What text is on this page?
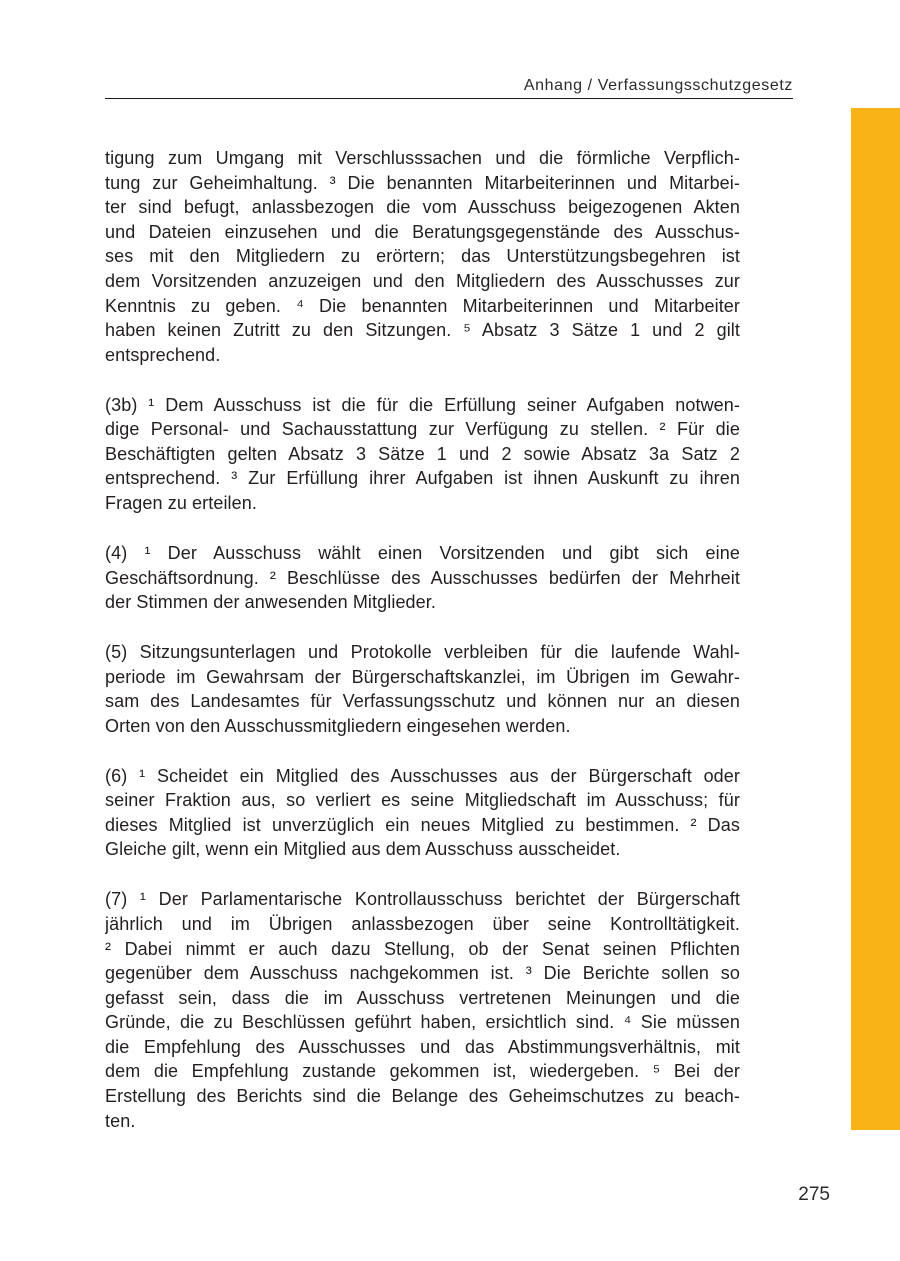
Anhang / Verfassungsschutzgesetz
tigung zum Umgang mit Verschlusssachen und die förmliche Verpflich-
tung zur Geheimhaltung. ³ Die benannten Mitarbeiterinnen und Mitarbei-
ter sind befugt, anlassbezogen die vom Ausschuss beigezogenen Akten
und Dateien einzusehen und die Beratungsgegenstände des Ausschus-
ses mit den Mitgliedern zu erörtern; das Unterstützungsbegehren ist
dem Vorsitzenden anzuzeigen und den Mitgliedern des Ausschusses zur
Kenntnis zu geben. ⁴ Die benannten Mitarbeiterinnen und Mitarbeiter
haben keinen Zutritt zu den Sitzungen. ⁵ Absatz 3 Sätze 1 und 2 gilt
entsprechend.
(3b) ¹ Dem Ausschuss ist die für die Erfüllung seiner Aufgaben notwen-
dige Personal- und Sachausstattung zur Verfügung zu stellen. ² Für die
Beschäftigten gelten Absatz 3 Sätze 1 und 2 sowie Absatz 3a Satz 2
entsprechend. ³ Zur Erfüllung ihrer Aufgaben ist ihnen Auskunft zu ihren
Fragen zu erteilen.
(4) ¹ Der Ausschuss wählt einen Vorsitzenden und gibt sich eine
Geschäftsordnung. ² Beschlüsse des Ausschusses bedürfen der Mehrheit
der Stimmen der anwesenden Mitglieder.
(5) Sitzungsunterlagen und Protokolle verbleiben für die laufende Wahl-
periode im Gewahrsam der Bürgerschaftskanzlei, im Übrigen im Gewahr-
sam des Landesamtes für Verfassungsschutz und können nur an diesen
Orten von den Ausschussmitgliedern eingesehen werden.
(6) ¹ Scheidet ein Mitglied des Ausschusses aus der Bürgerschaft oder
seiner Fraktion aus, so verliert es seine Mitgliedschaft im Ausschuss; für
dieses Mitglied ist unverzüglich ein neues Mitglied zu bestimmen. ² Das
Gleiche gilt, wenn ein Mitglied aus dem Ausschuss ausscheidet.
(7) ¹ Der Parlamentarische Kontrollausschuss berichtet der Bürgerschaft
jährlich und im Übrigen anlassbezogen über seine Kontrolltätigkeit.
² Dabei nimmt er auch dazu Stellung, ob der Senat seinen Pflichten
gegenüber dem Ausschuss nachgekommen ist. ³ Die Berichte sollen so
gefasst sein, dass die im Ausschuss vertretenen Meinungen und die
Gründe, die zu Beschlüssen geführt haben, ersichtlich sind. ⁴ Sie müssen
die Empfehlung des Ausschusses und das Abstimmungsverhältnis, mit
dem die Empfehlung zustande gekommen ist, wiedergeben. ⁵ Bei der
Erstellung des Berichts sind die Belange des Geheimschutzes zu beach-
ten.
275
